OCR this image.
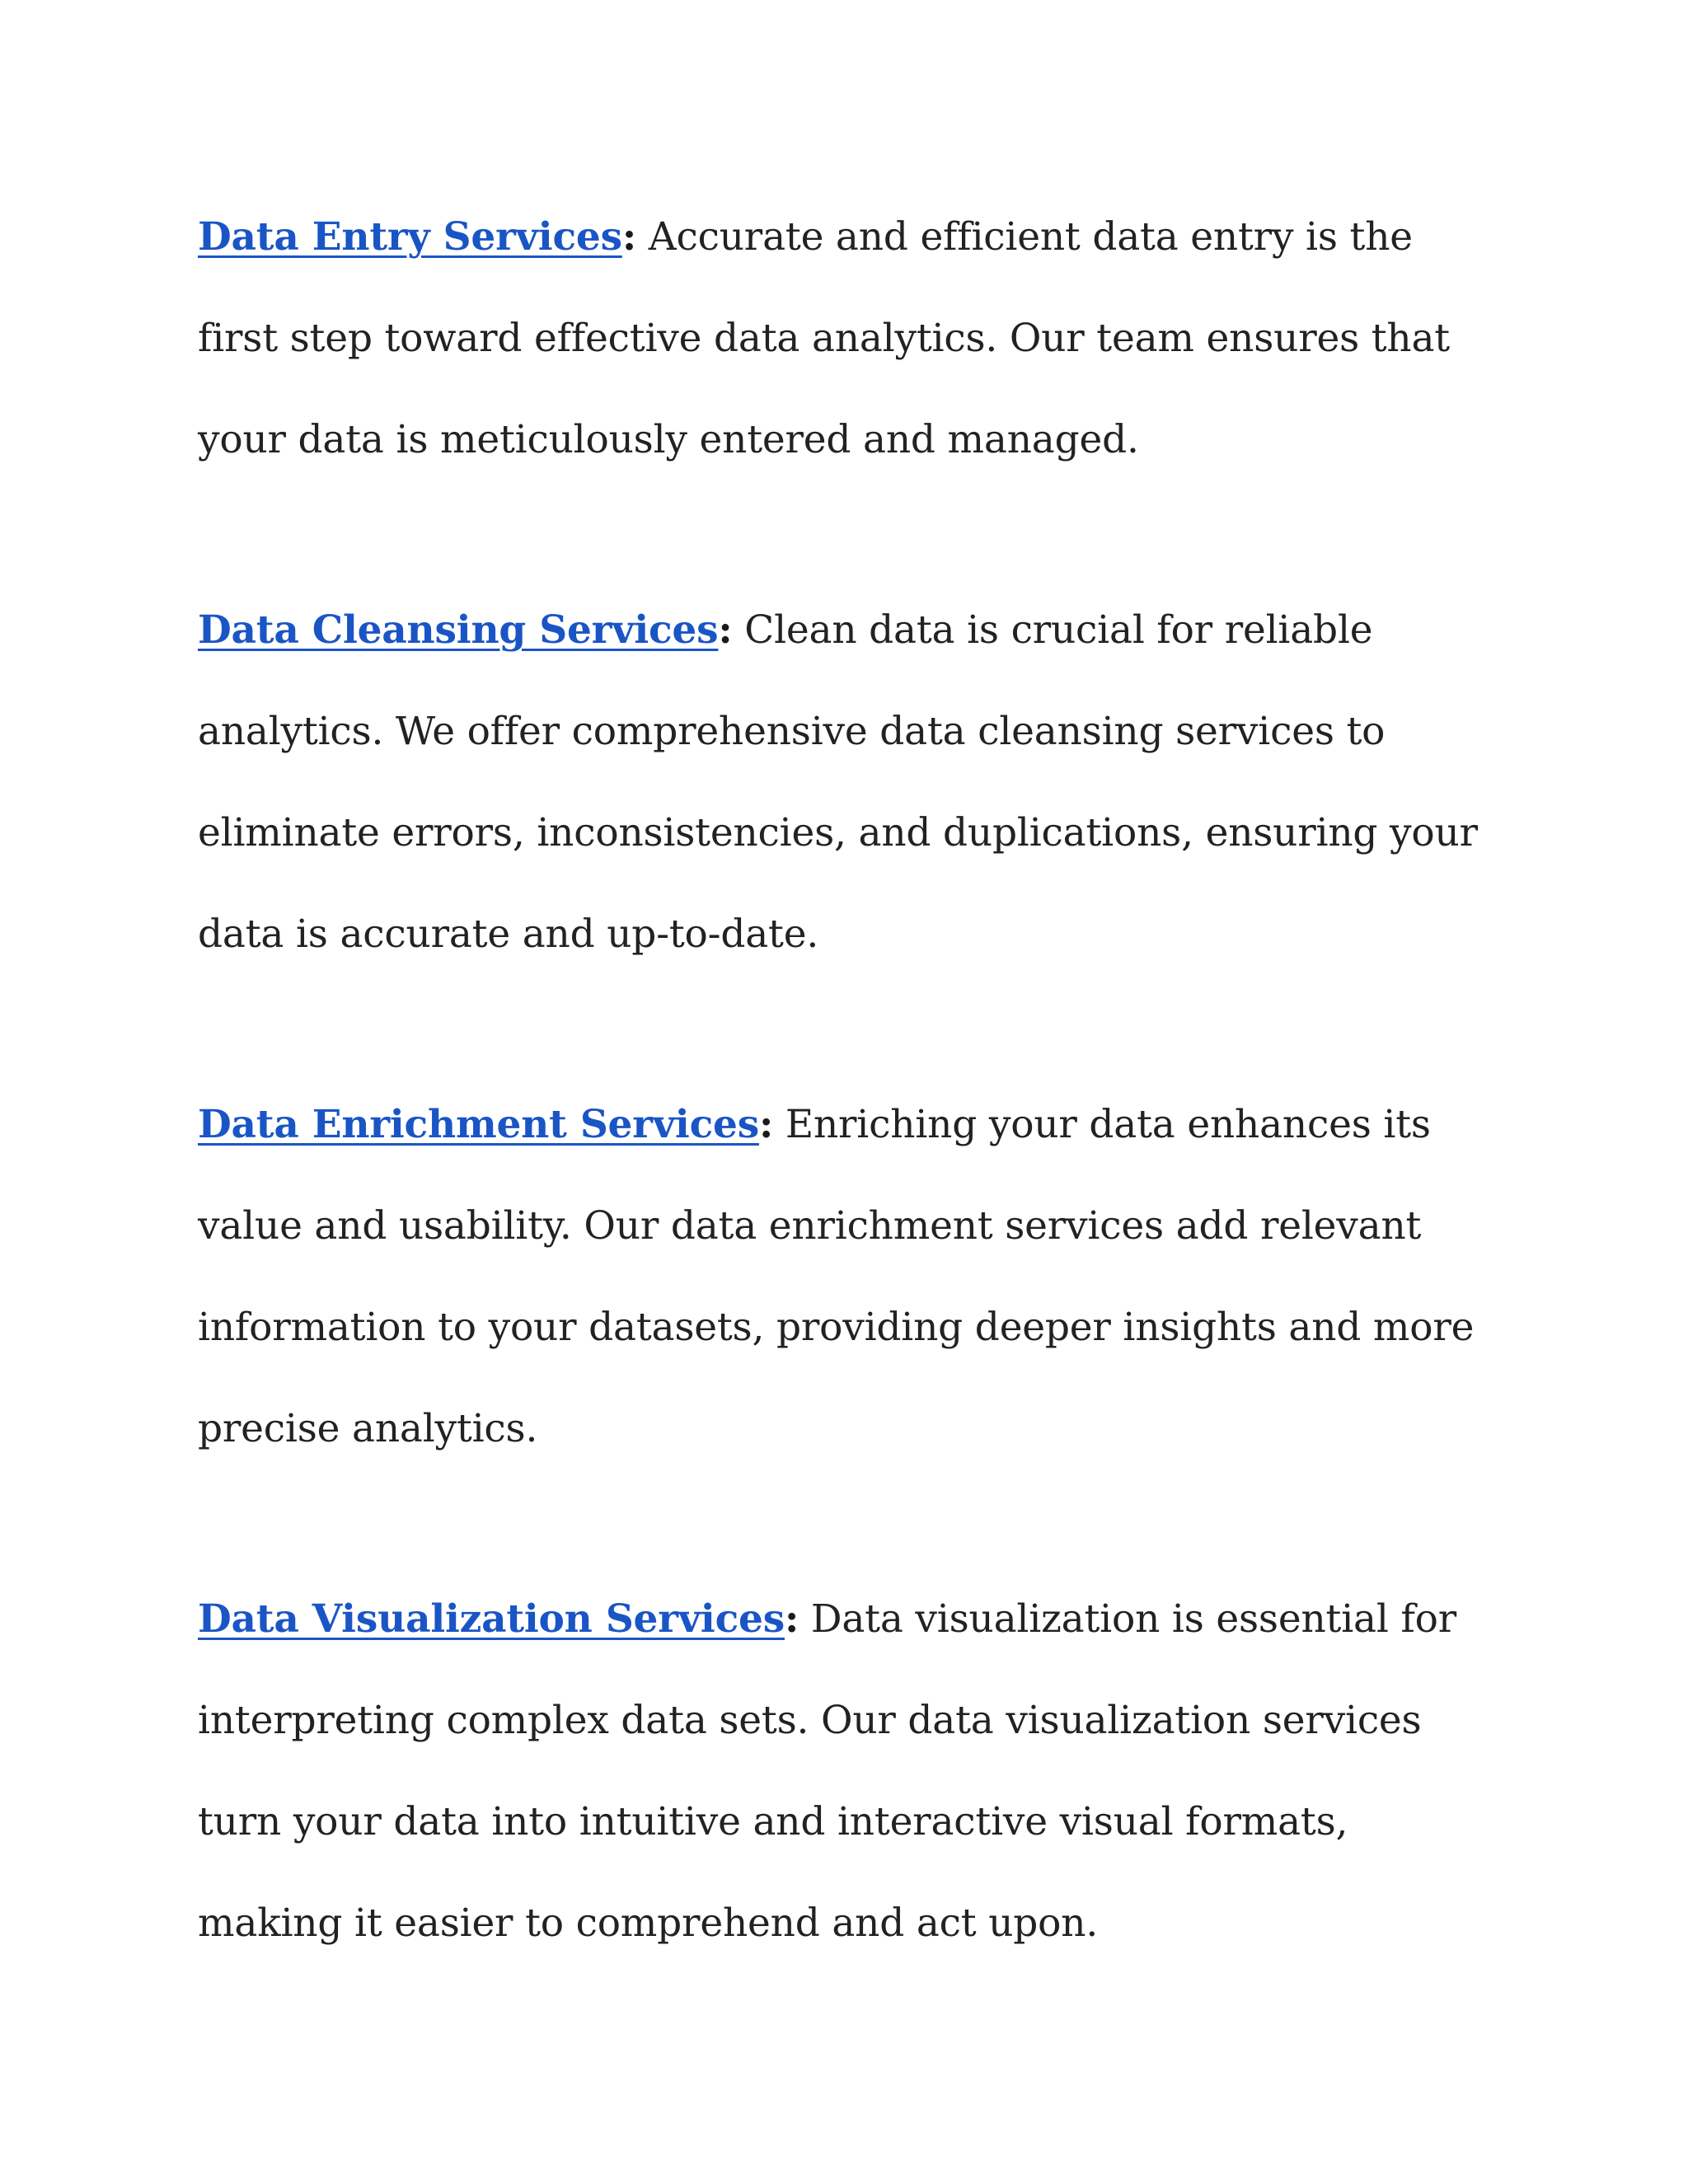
Data Entry Services: Accurate and efficient data entry is the first step toward effective data analytics. Our team ensures that your data is meticulously entered and managed.

Data Cleansing Services: Clean data is crucial for reliable analytics. We offer comprehensive data cleansing services to eliminate errors, inconsistencies, and duplications, ensuring your data is accurate and up-to-date.

Data Enrichment Services: Enriching your data enhances its value and usability. Our data enrichment services add relevant information to your datasets, providing deeper insights and more precise analytics.

Data Visualization Services: Data visualization is essential for interpreting complex data sets. Our data visualization services turn your data into intuitive and interactive visual formats, making it easier to comprehend and act upon.
